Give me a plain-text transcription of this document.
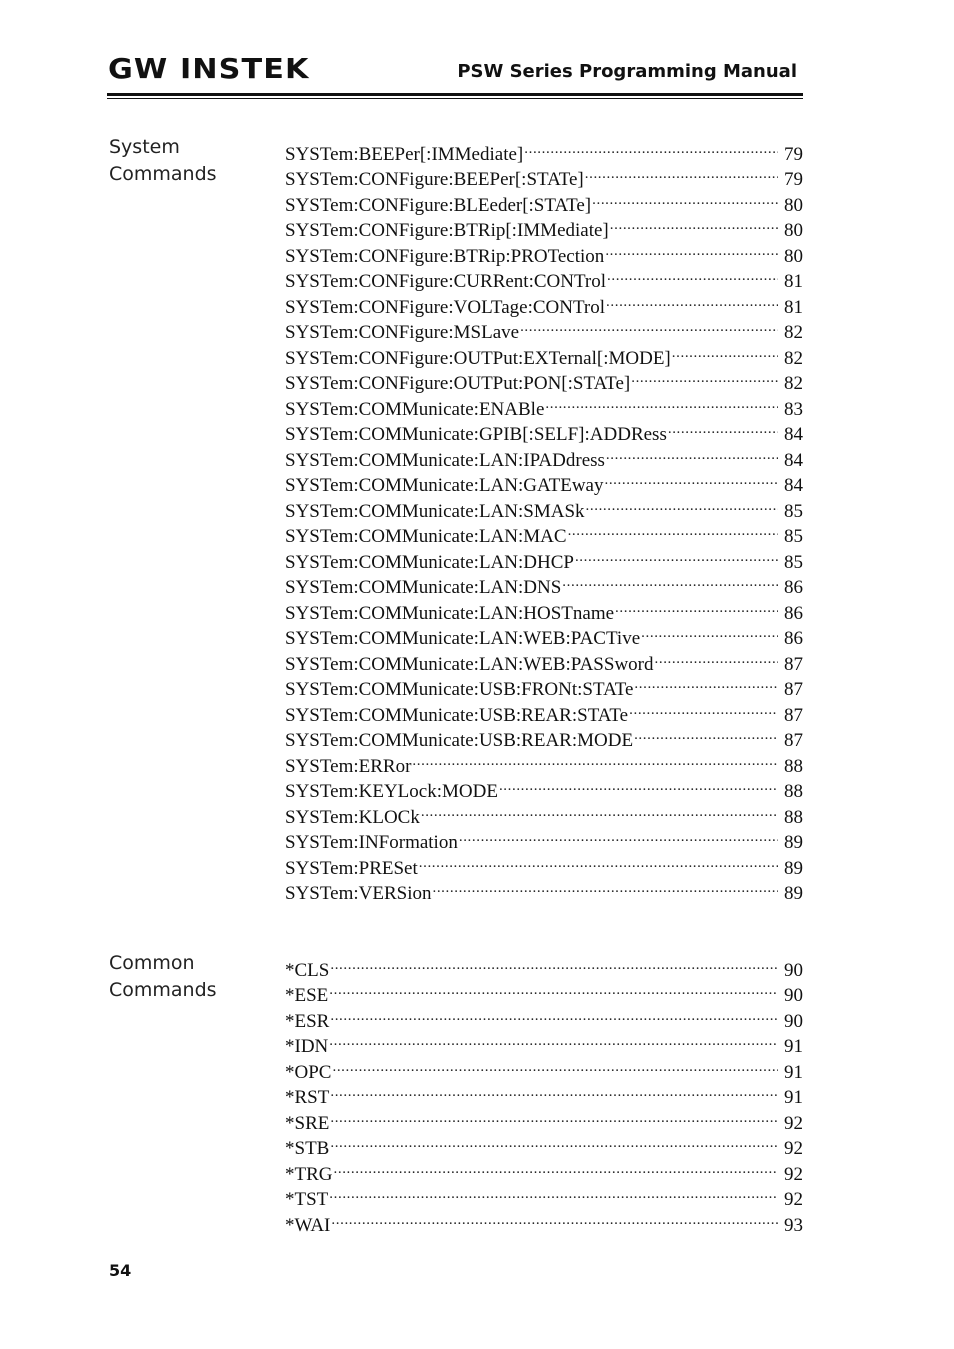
GW INSTEK	PSW Series Programming Manual
System
Commands
SYSTem:BEEPer[:IMMediate] .....	79
SYSTem:CONFigure:BEEPer[:STATe] .....	79
SYSTem:CONFigure:BLEeder[:STATe] .....	80
SYSTem:CONFigure:BTRip[:IMMediate] .....	80
SYSTem:CONFigure:BTRip:PROTection .....	80
SYSTem:CONFigure:CURRent:CONTrol .....	81
SYSTem:CONFigure:VOLTage:CONTrol .....	81
SYSTem:CONFigure:MSLave .....	82
SYSTem:CONFigure:OUTPut:EXTernal[:MODE] .....	82
SYSTem:CONFigure:OUTPut:PON[:STATe] .....	82
SYSTem:COMMunicate:ENABle .....	83
SYSTem:COMMunicate:GPIB[:SELF]:ADDRess .....	84
SYSTem:COMMunicate:LAN:IPADdress .....	84
SYSTem:COMMunicate:LAN:GATEway .....	84
SYSTem:COMMunicate:LAN:SMASk .....	85
SYSTem:COMMunicate:LAN:MAC .....	85
SYSTem:COMMunicate:LAN:DHCP .....	85
SYSTem:COMMunicate:LAN:DNS .....	86
SYSTem:COMMunicate:LAN:HOSTname .....	86
SYSTem:COMMunicate:LAN:WEB:PACTive .....	86
SYSTem:COMMunicate:LAN:WEB:PASSword .....	87
SYSTem:COMMunicate:USB:FRONt:STATe .....	87
SYSTem:COMMunicate:USB:REAR:STATe .....	87
SYSTem:COMMunicate:USB:REAR:MODE .....	87
SYSTem:ERRor .....	88
SYSTem:KEYLock:MODE .....	88
SYSTem:KLOCk .....	88
SYSTem:INFormation .....	89
SYSTem:PRESet .....	89
SYSTem:VERSion .....	89
Common
Commands
*CLS .....	90
*ESE .....	90
*ESR .....	90
*IDN .....	91
*OPC .....	91
*RST .....	91
*SRE .....	92
*STB .....	92
*TRG .....	92
*TST .....	92
*WAI .....	93
54
